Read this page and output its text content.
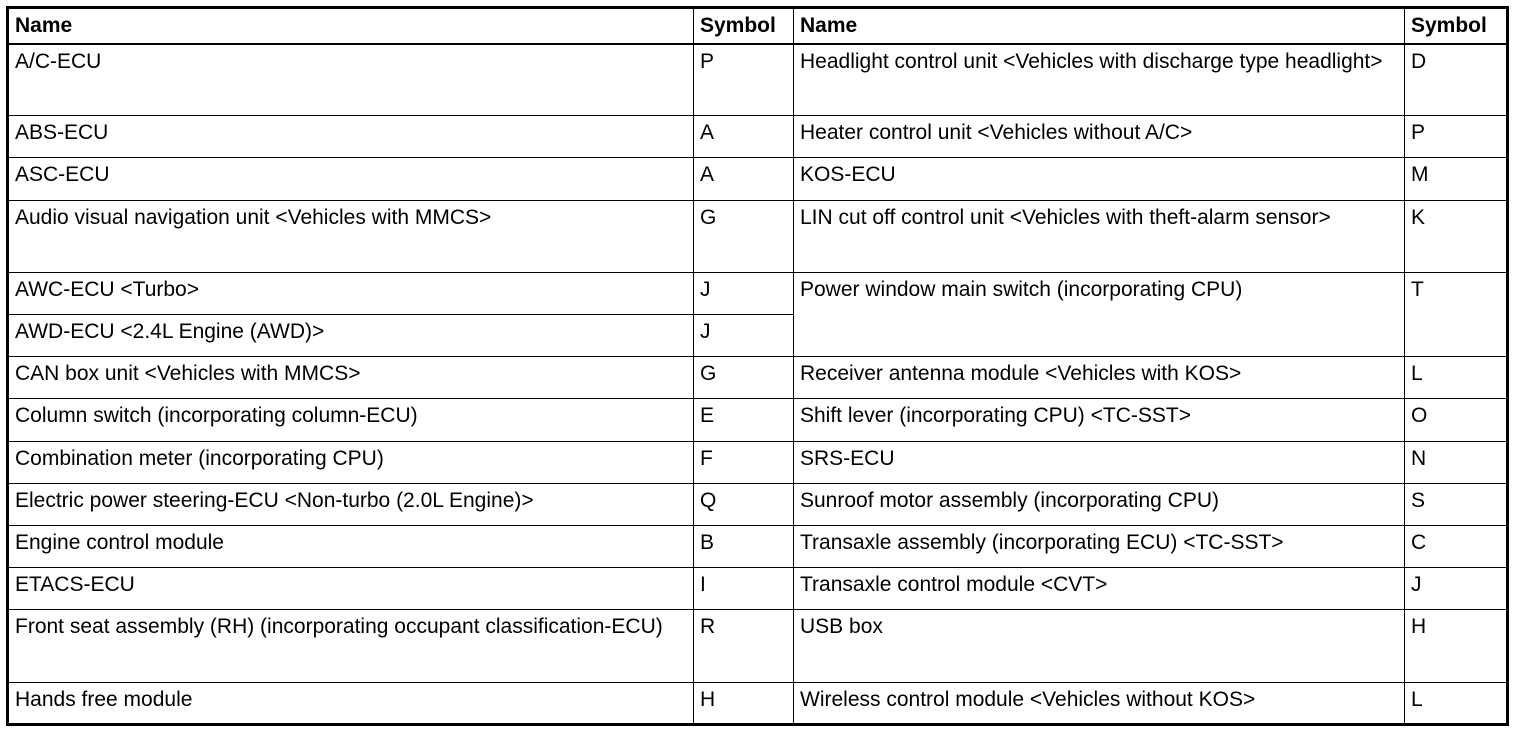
Name	Symbol	Name	Symbol
A/C-ECU	P	Headlight control unit <Vehicles with discharge type headlight>	D
ABS-ECU	A	Heater control unit <Vehicles without A/C>	P
ASC-ECU	A	KOS-ECU	M
Audio visual navigation unit <Vehicles with MMCS>	G	LIN cut off control unit <Vehicles with theft-alarm sensor>	K
AWC-ECU <Turbo>	J	Power window main switch (incorporating CPU)	T
AWD-ECU <2.4L Engine (AWD)>	J		
CAN box unit <Vehicles with MMCS>	G	Receiver antenna module <Vehicles with KOS>	L
Column switch (incorporating column-ECU)	E	Shift lever (incorporating CPU) <TC-SST>	O
Combination meter (incorporating CPU)	F	SRS-ECU	N
Electric power steering-ECU <Non-turbo (2.0L Engine)>	Q	Sunroof motor assembly (incorporating CPU)	S
Engine control module	B	Transaxle assembly (incorporating ECU) <TC-SST>	C
ETACS-ECU	I	Transaxle control module <CVT>	J
Front seat assembly (RH) (incorporating occupant classification-ECU)	R	USB box	H
Hands free module	H	Wireless control module <Vehicles without KOS>	L
